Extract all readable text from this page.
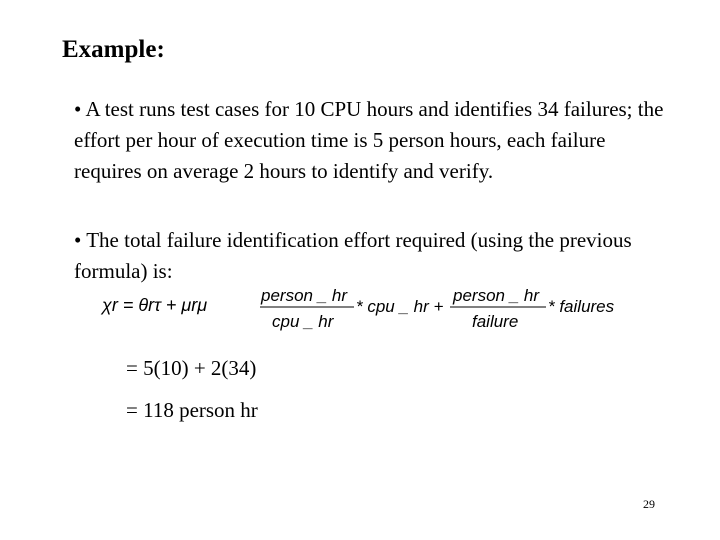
Example:
• A test runs test cases for 10 CPU hours and identifies 34 failures; the effort per hour of execution time is 5 person hours, each failure requires on average 2 hours to identify and verify.
• The total failure identification effort required (using the previous formula) is:
χr = θrτ + μrμ	person _ hr
cpu _ hr
* cpu _ hr +
person _ hr
failure
* failures
= 5(10) + 2(34)
= 118 person hr
29
